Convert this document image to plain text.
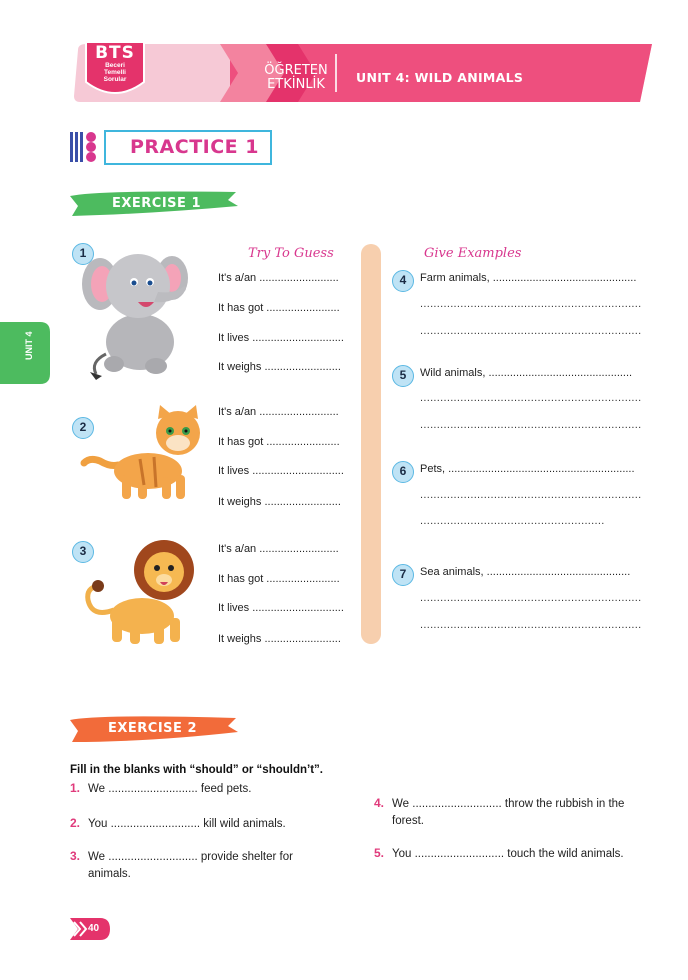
BTS
Beceri
Temelli
Sorular
ÖĞRETEN
ETKİNLİK	UNIT 4: WILD ANIMALS
PRACTICE 1
EXERCISE 1
UNIT 4
Try To Guess	Give Examples
1
It's a/an ..........................
It has got ........................
It lives ..............................
It weighs .........................
2
It's a/an ..........................
It has got ........................
It lives ..............................
It weighs .........................
3	It's a/an ..........................
It has got ........................
It lives ..............................
It weighs .........................
4	Farm animals, ...............................................
..................................................................
..................................................................
5	Wild animals, ...............................................
..................................................................
..................................................................
6	Pets, .............................................................
..................................................................
.......................................................
7	Sea animals, ...............................................
..................................................................
..................................................................
EXERCISE 2
Fill in the blanks with “should” or “shouldn’t”.
1. We ............................ feed pets.
2. You ............................ kill wild animals.
3. We ............................ provide shelter for animals.
4. We ............................ throw the rubbish in the forest.
5. You ............................ touch the wild animals.
40
